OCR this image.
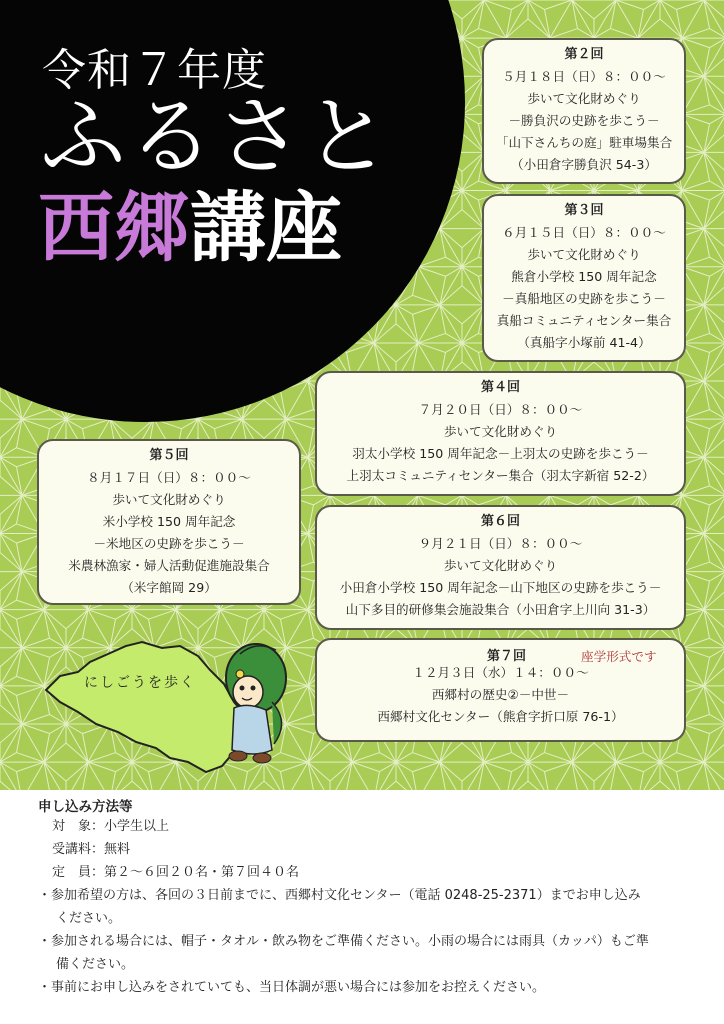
令和７年度
ふるさと
西郷講座
第２回
５月１８日（日）８：００～
歩いて文化財めぐり
－勝負沢の史跡を歩こう－
「山下さんちの庭」駐車場集合
（小田倉字勝負沢 54-3）
第３回
６月１５日（日）８：００～
歩いて文化財めぐり
熊倉小学校 150 周年記念
－真船地区の史跡を歩こう－
真船コミュニティセンター集合
（真船字小塚前 41-4）
第４回
７月２０日（日）８：００～
歩いて文化財めぐり
羽太小学校 150 周年記念－上羽太の史跡を歩こう－
上羽太コミュニティセンター集合（羽太字新宿 52-2）
第５回
８月１７日（日）８：００～
歩いて文化財めぐり
米小学校 150 周年記念
－米地区の史跡を歩こう－
米農林漁家・婦人活動促進施設集合
（米字館岡 29）
第６回
９月２１日（日）８：００～
歩いて文化財めぐり
小田倉小学校 150 周年記念－山下地区の史跡を歩こう－
山下多目的研修集会施設集合（小田倉字上川向 31-3）
第７回	座学形式です
１２月３日（水）１４：００～
西郷村の歴史②－中世－
西郷村文化センター（熊倉字折口原 76-1）
にしごうを歩く
申し込み方法等
対　象：小学生以上
受講料：無料
定　員：第２～６回２０名・第７回４０名
・参加希望の方は、各回の３日前までに、西郷村文化センター（電話 0248-25-2371）までお申し込み
ください。
・参加される場合には、帽子・タオル・飲み物をご準備ください。小雨の場合には雨具（カッパ）もご準
備ください。
・事前にお申し込みをされていても、当日体調が悪い場合には参加をお控えください。
